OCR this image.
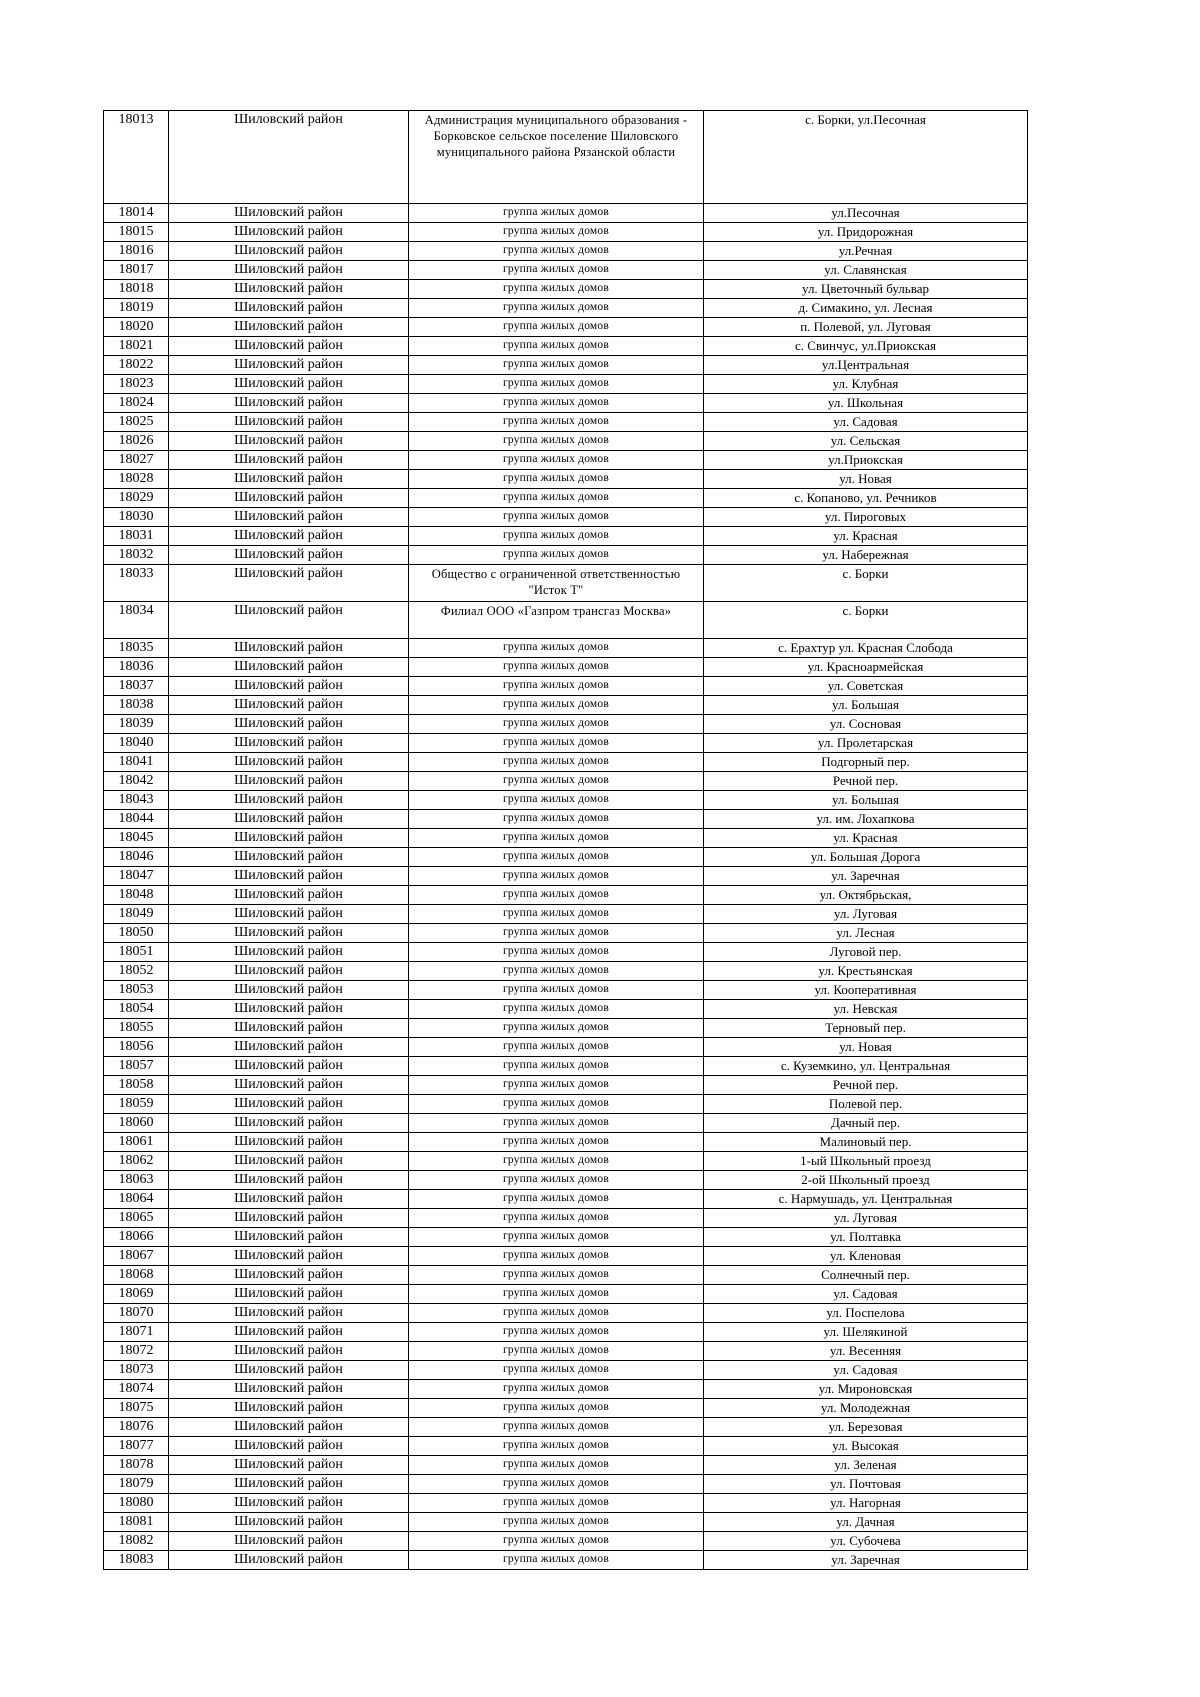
18013	Шиловский район	Администрация муниципального образования - Борковское сельское поселение Шиловского муниципального района Рязанской области	с. Борки, ул.Песочная
18014	Шиловский район	группа жилых домов	ул.Песочная
18015	Шиловский район	группа жилых домов	ул. Придорожная
18016	Шиловский район	группа жилых домов	ул.Речная
18017	Шиловский район	группа жилых домов	ул. Славянская
18018	Шиловский район	группа жилых домов	ул. Цветочный бульвар
18019	Шиловский район	группа жилых домов	д. Симакино, ул. Лесная
18020	Шиловский район	группа жилых домов	п. Полевой, ул. Луговая
18021	Шиловский район	группа жилых домов	с. Свинчус, ул.Приокская
18022	Шиловский район	группа жилых домов	ул.Центральная
18023	Шиловский район	группа жилых домов	ул. Клубная
18024	Шиловский район	группа жилых домов	ул. Школьная
18025	Шиловский район	группа жилых домов	ул. Садовая
18026	Шиловский район	группа жилых домов	ул. Сельская
18027	Шиловский район	группа жилых домов	ул.Приокская
18028	Шиловский район	группа жилых домов	ул. Новая
18029	Шиловский район	группа жилых домов	с. Копаново, ул. Речников
18030	Шиловский район	группа жилых домов	ул. Пироговых
18031	Шиловский район	группа жилых домов	ул. Красная
18032	Шиловский район	группа жилых домов	ул. Набережная
18033	Шиловский район	Общество с ограниченной ответственностью "Исток Т"	с. Борки
18034	Шиловский район	Филиал ООО «Газпром трансгаз Москва»	с. Борки
18035	Шиловский район	группа жилых домов	с. Ерахтур ул. Красная Слобода
18036	Шиловский район	группа жилых домов	ул. Красноармейская
18037	Шиловский район	группа жилых домов	ул. Советская
18038	Шиловский район	группа жилых домов	ул. Большая
18039	Шиловский район	группа жилых домов	ул. Сосновая
18040	Шиловский район	группа жилых домов	ул. Пролетарская
18041	Шиловский район	группа жилых домов	Подгорный пер.
18042	Шиловский район	группа жилых домов	Речной пер.
18043	Шиловский район	группа жилых домов	ул. Большая
18044	Шиловский район	группа жилых домов	ул. им. Лохапкова
18045	Шиловский район	группа жилых домов	ул. Красная
18046	Шиловский район	группа жилых домов	ул. Большая Дорога
18047	Шиловский район	группа жилых домов	ул. Заречная
18048	Шиловский район	группа жилых домов	ул. Октябрьская,
18049	Шиловский район	группа жилых домов	ул. Луговая
18050	Шиловский район	группа жилых домов	ул. Лесная
18051	Шиловский район	группа жилых домов	Луговой пер.
18052	Шиловский район	группа жилых домов	ул. Крестьянская
18053	Шиловский район	группа жилых домов	ул. Кооперативная
18054	Шиловский район	группа жилых домов	ул. Невская
18055	Шиловский район	группа жилых домов	Терновый пер.
18056	Шиловский район	группа жилых домов	ул. Новая
18057	Шиловский район	группа жилых домов	с. Куземкино, ул. Центральная
18058	Шиловский район	группа жилых домов	Речной пер.
18059	Шиловский район	группа жилых домов	Полевой пер.
18060	Шиловский район	группа жилых домов	Дачный пер.
18061	Шиловский район	группа жилых домов	Малиновый пер.
18062	Шиловский район	группа жилых домов	1-ый Школьный проезд
18063	Шиловский район	группа жилых домов	2-ой Школьный проезд
18064	Шиловский район	группа жилых домов	с. Нармушадь, ул. Центральная
18065	Шиловский район	группа жилых домов	ул. Луговая
18066	Шиловский район	группа жилых домов	ул. Полтавка
18067	Шиловский район	группа жилых домов	ул. Кленовая
18068	Шиловский район	группа жилых домов	Солнечный пер.
18069	Шиловский район	группа жилых домов	ул. Садовая
18070	Шиловский район	группа жилых домов	ул. Поспелова
18071	Шиловский район	группа жилых домов	ул. Шелякиной
18072	Шиловский район	группа жилых домов	ул. Весенняя
18073	Шиловский район	группа жилых домов	ул. Садовая
18074	Шиловский район	группа жилых домов	ул. Мироновская
18075	Шиловский район	группа жилых домов	ул. Молодежная
18076	Шиловский район	группа жилых домов	ул. Березовая
18077	Шиловский район	группа жилых домов	ул. Высокая
18078	Шиловский район	группа жилых домов	ул. Зеленая
18079	Шиловский район	группа жилых домов	ул. Почтовая
18080	Шиловский район	группа жилых домов	ул. Нагорная
18081	Шиловский район	группа жилых домов	ул. Дачная
18082	Шиловский район	группа жилых домов	ул. Субочева
18083	Шиловский район	группа жилых домов	ул. Заречная
